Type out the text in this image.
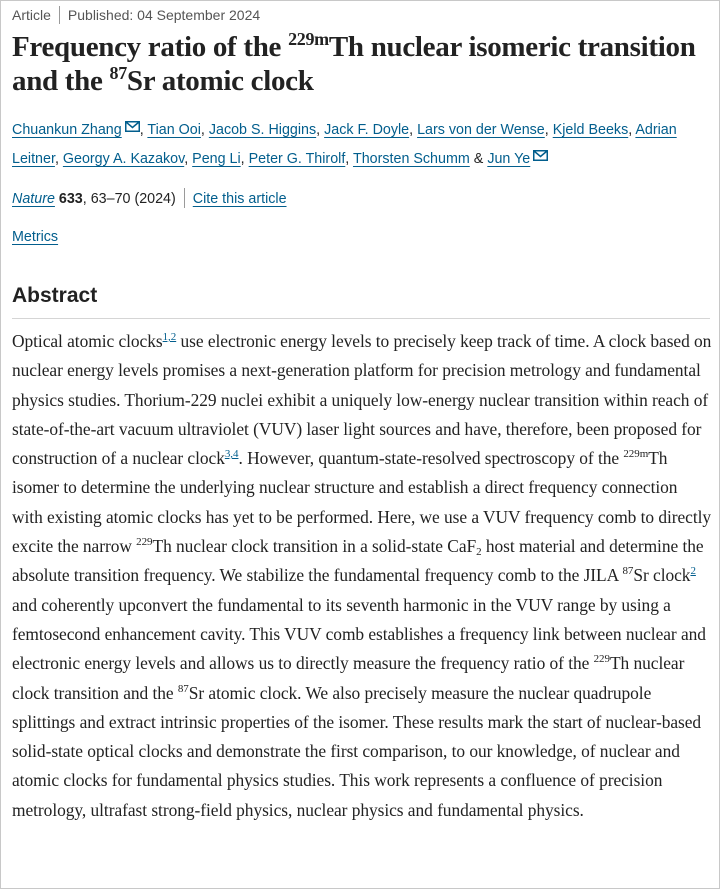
Article Published: 04 September 2024
Frequency ratio of the $^{229m}$Th nuclear isomeric transition and the $^{87}$Sr atomic clock
Chuankun Zhang , Tian Ooi, Jacob S. Higgins, Jack F. Doyle, Lars von der Wense, Kjeld Beeks, Adrian Leitner, Georgy A. Kazakov, Peng Li, Peter G. Thirolf, Thorsten Schumm & Jun Ye
Nature 633, 63–70 (2024) Cite this article
Metrics
Abstract

Optical atomic clocks$^{1,2}$ use electronic energy levels to precisely keep track of time. A clock based on nuclear energy levels promises a next-generation platform for precision metrology and fundamental physics studies. Thorium-229 nuclei exhibit a uniquely low-energy nuclear transition within reach of state-of-the-art vacuum ultraviolet (VUV) laser light sources and have, therefore, been proposed for construction of a nuclear clock$^{3,4}$. However, quantum-state-resolved spectroscopy of the $^{229m}$Th isomer to determine the underlying nuclear structure and establish a direct frequency connection with existing atomic clocks has yet to be performed. Here, we use a VUV frequency comb to directly excite the narrow $^{229}$Th nuclear clock transition in a solid-state CaF$_2$ host material and determine the absolute transition frequency. We stabilize the fundamental frequency comb to the JILA $^{87}$Sr clock$^2$ and coherently upconvert the fundamental to its seventh harmonic in the VUV range by using a femtosecond enhancement cavity. This VUV comb establishes a frequency link between nuclear and electronic energy levels and allows us to directly measure the frequency ratio of the $^{229}$Th nuclear clock transition and the $^{87}$Sr atomic clock. We also precisely measure the nuclear quadrupole splittings and extract intrinsic properties of the isomer. These results mark the start of nuclear-based solid-state optical clocks and demonstrate the first comparison, to our knowledge, of nuclear and atomic clocks for fundamental physics studies. This work represents a confluence of precision metrology, ultrafast strong-field physics, nuclear physics and fundamental physics.
